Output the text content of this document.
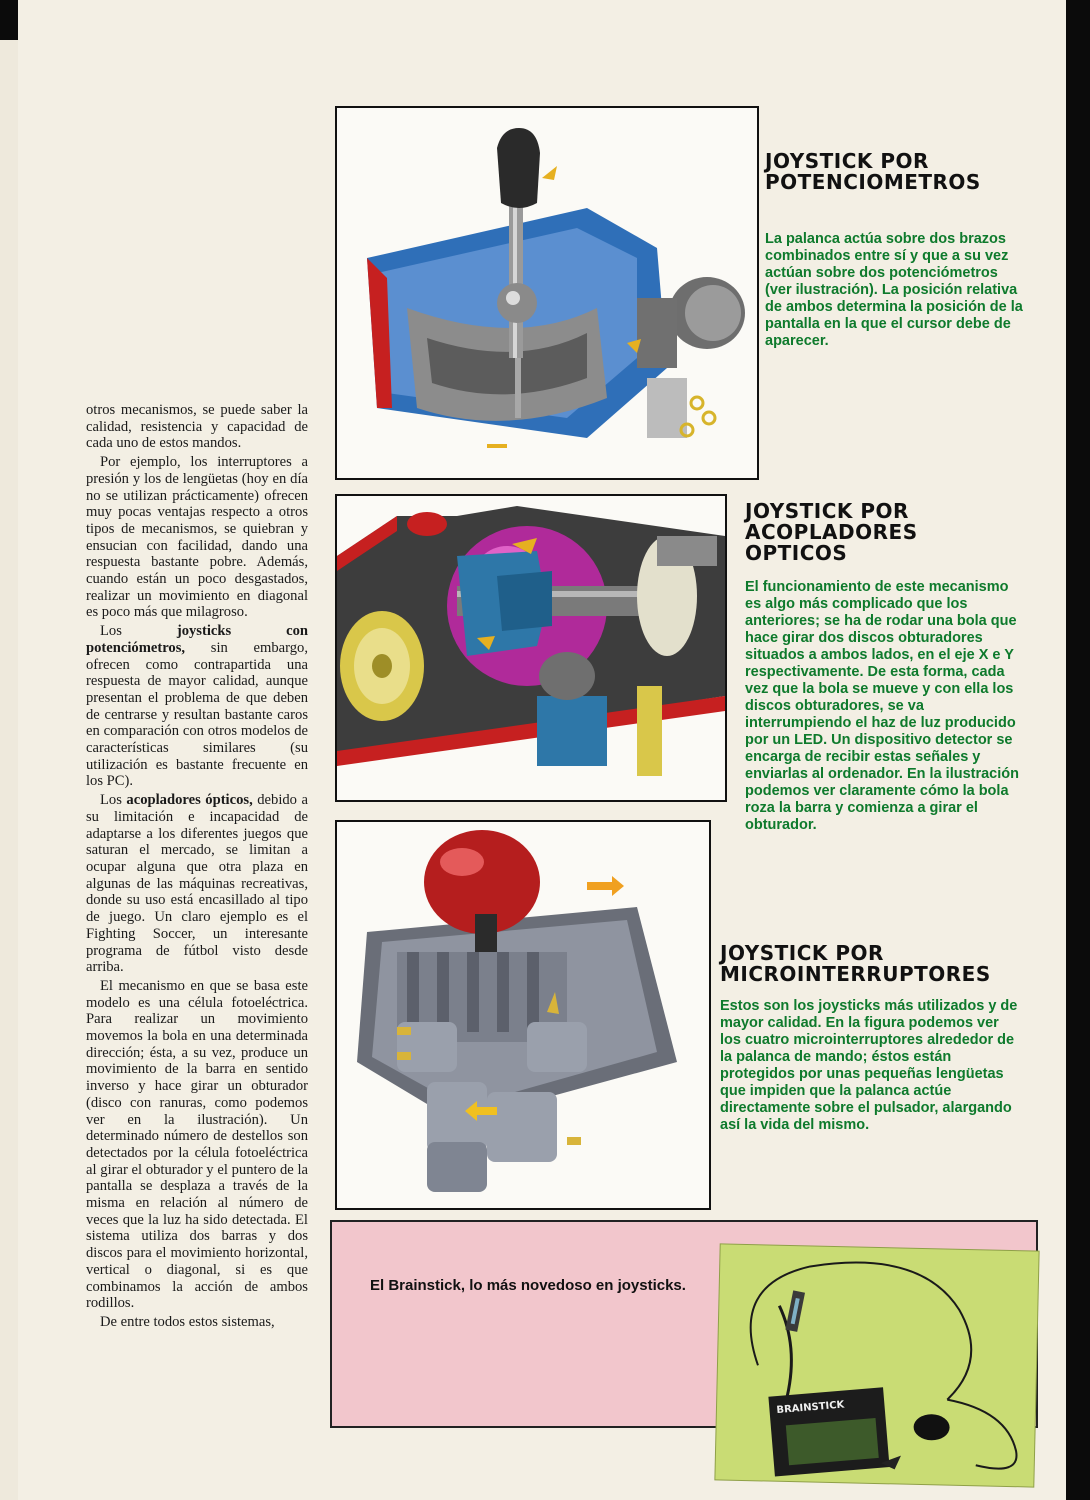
otros mecanismos, se puede saber la calidad, resistencia y capacidad de cada uno de estos mandos.

Por ejemplo, los interruptores a presión y los de lengüetas (hoy en día no se utilizan prácticamente) ofrecen muy pocas ventajas respecto a otros tipos de mecanismos, se quiebran y ensucian con facilidad, dando una respuesta bastante pobre. Además, cuando están un poco desgastados, realizar un movimiento en diagonal es poco más que milagroso.

Los joysticks con potenciómetros, sin embargo, ofrecen como contrapartida una respuesta de mayor calidad, aunque presentan el problema de que deben de centrarse y resultan bastante caros en comparación con otros modelos de características similares (su utilización es bastante frecuente en los PC).

Los acopladores ópticos, debido a su limitación e incapacidad de adaptarse a los diferentes juegos que saturan el mercado, se limitan a ocupar alguna que otra plaza en algunas de las máquinas recreativas, donde su uso está encasillado al tipo de juego. Un claro ejemplo es el Fighting Soccer, un interesante programa de fútbol visto desde arriba.

El mecanismo en que se basa este modelo es una célula fotoeléctrica. Para realizar un movimiento movemos la bola en una determinada dirección; ésta, a su vez, produce un movimiento de la barra en sentido inverso y hace girar un obturador (disco con ranuras, como podemos ver en la ilustración). Un determinado número de destellos son detectados por la célula fotoeléctrica al girar el obturador y el puntero de la pantalla se desplaza a través de la misma en relación al número de veces que la luz ha sido detectada. El sistema utiliza dos barras y dos discos para el movimiento horizontal, vertical o diagonal, si es que combinamos la acción de ambos rodillos.

De entre todos estos sistemas,

JOYSTICK POR POTENCIOMETROS

La palanca actúa sobre dos brazos combinados entre sí y que a su vez actúan sobre dos potenciómetros (ver ilustración). La posición relativa de ambos determina la posición de la pantalla en la que el cursor debe de aparecer.

JOYSTICK POR ACOPLADORES OPTICOS

El funcionamiento de este mecanismo es algo más complicado que los anteriores; se ha de rodar una bola que hace girar dos discos obturadores situados a ambos lados, en el eje X e Y respectivamente. De esta forma, cada vez que la bola se mueve y con ella los discos obturadores, se va interrumpiendo el haz de luz producido por un LED. Un dispositivo detector se encarga de recibir estas señales y enviarlas al ordenador. En la ilustración podemos ver claramente cómo la bola roza la barra y comienza a girar el obturador.

JOYSTICK POR MICROINTERRUPTORES

Estos son los joysticks más utilizados y de mayor calidad. En la figura podemos ver los cuatro microinterruptores alrededor de la palanca de mando; éstos están protegidos por unas pequeñas lengüetas que impiden que la palanca actúe directamente sobre el pulsador, alargando así la vida del mismo.

El Brainstick, lo más novedoso en joysticks.

BRAINSTICK
